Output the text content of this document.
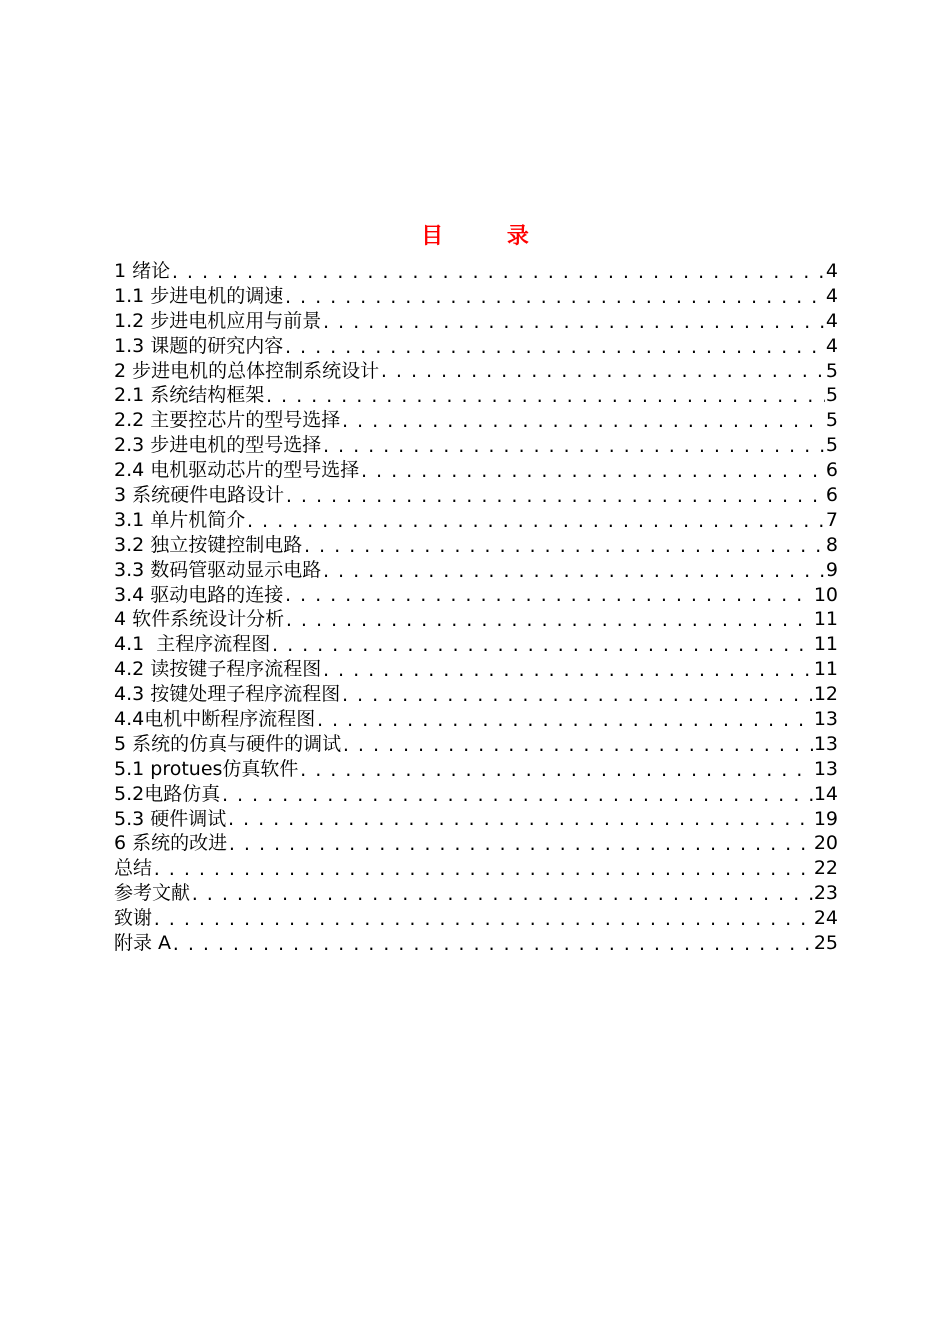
目 录
1 绪论 .....	4
1.1 步进电机的调速 .....	4
1.2 步进电机应用与前景 .....	4
1.3 课题的研究内容 .....	4
2 步进电机的总体控制系统设计 .....	5
2.1 系统结构框架 .....	5
2.2 主要控芯片的型号选择 .....	5
2.3 步进电机的型号选择 .....	5
2.4 电机驱动芯片的型号选择 .....	6
3 系统硬件电路设计 .....	6
3.1 单片机简介 .....	7
3.2 独立按键控制电路 .....	8
3.3 数码管驱动显示电路 .....	9
3.4 驱动电路的连接 .....	10
4 软件系统设计分析 .....	11
4.1  主程序流程图 .....	11
4.2 读按键子程序流程图 .....	11
4.3 按键处理子程序流程图 .....	12
4.4电机中断程序流程图 .....	13
5 系统的仿真与硬件的调试 .....	13
5.1 protues仿真软件 .....	13
5.2电路仿真 .....	14
5.3 硬件调试 .....	19
6 系统的改进 .....	20
总结 .....	22
参考文献 .....	23
致谢 .....	24
附录 A .....	25
